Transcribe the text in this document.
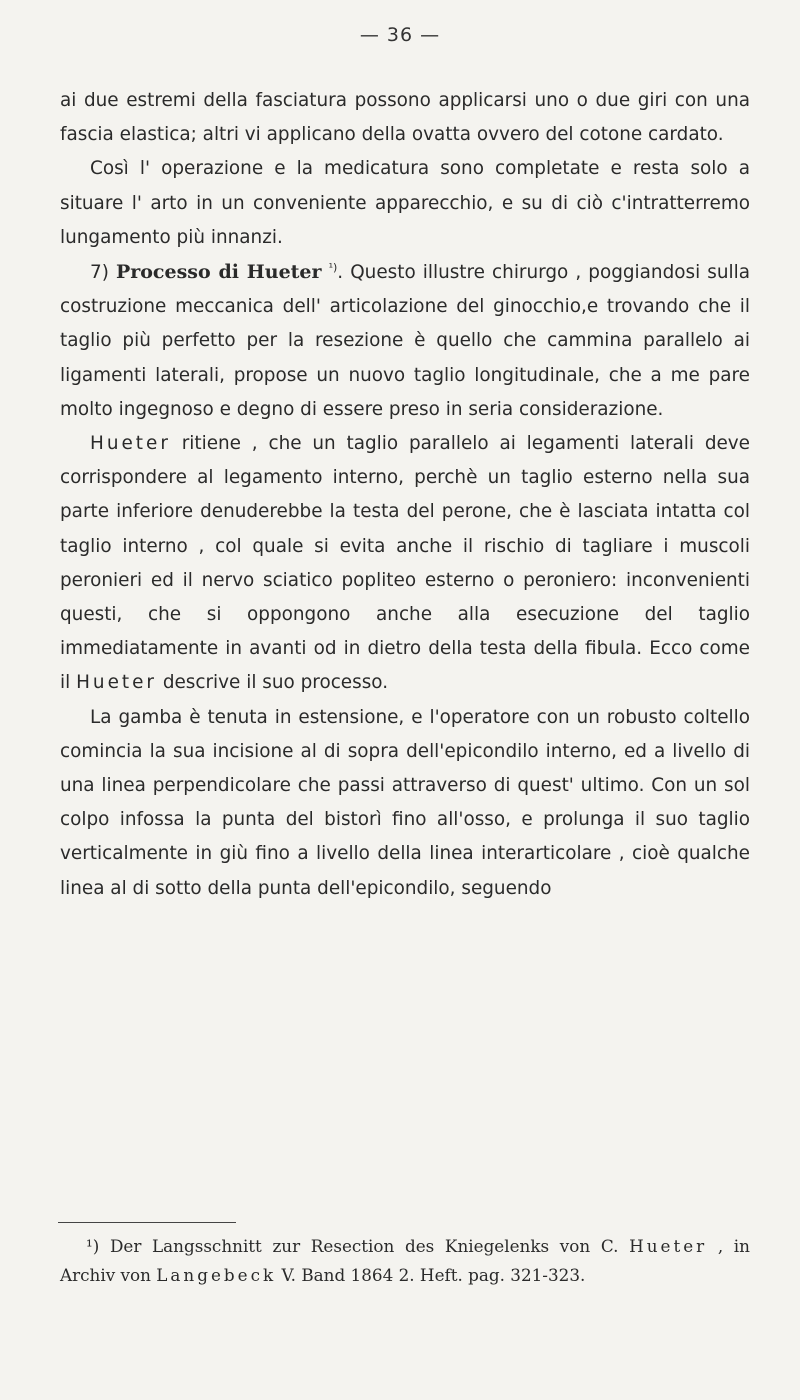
— 36 —

ai due estremi della fasciatura possono applicarsi uno o due giri con una fascia elastica; altri vi applicano della ovatta ovvero del cotone cardato.

Così l' operazione e la medicatura sono completate e resta solo a situare l' arto in un conveniente apparecchio, e su di ciò c'intratterremo lungamento più innanzi.

7) Processo di Hueter $^{^1)}$. Questo illustre chirurgo , poggiandosi sulla costruzione meccanica dell' articolazione del ginocchio,e trovando che il taglio più perfetto per la resezione è quello che cammina parallelo ai ligamenti laterali, propose un nuovo taglio longitudinale, che a me pare molto ingegnoso e degno di essere preso in seria considerazione.

Hueter ritiene , che un taglio parallelo ai legamenti laterali deve corrispondere al legamento interno, perchè un taglio esterno nella sua parte inferiore denuderebbe la testa del perone, che è lasciata intatta col taglio interno , col quale si evita anche il rischio di tagliare i muscoli peronieri ed il nervo sciatico popliteo esterno o peroniero: inconvenienti questi, che si oppongono anche alla esecuzione del taglio immediatamente in avanti od in dietro della testa della fibula. Ecco come il Hueter descrive il suo processo.

La gamba è tenuta in estensione, e l'operatore con un robusto coltello comincia la sua incisione al di sopra dell'epicondilo interno, ed a livello di una linea perpendicolare che passi attraverso di quest' ultimo. Con un sol colpo infossa la punta del bistorì fino all'osso, e prolunga il suo taglio verticalmente in giù fino a livello della linea interarticolare , cioè qualche linea al di sotto della punta dell'epicondilo, seguendo

¹) Der Langsschnitt zur Resection des Kniegelenks von C. Hueter , in Archiv von Langebeck V. Band 1864 2. Heft. pag. 321-323.
